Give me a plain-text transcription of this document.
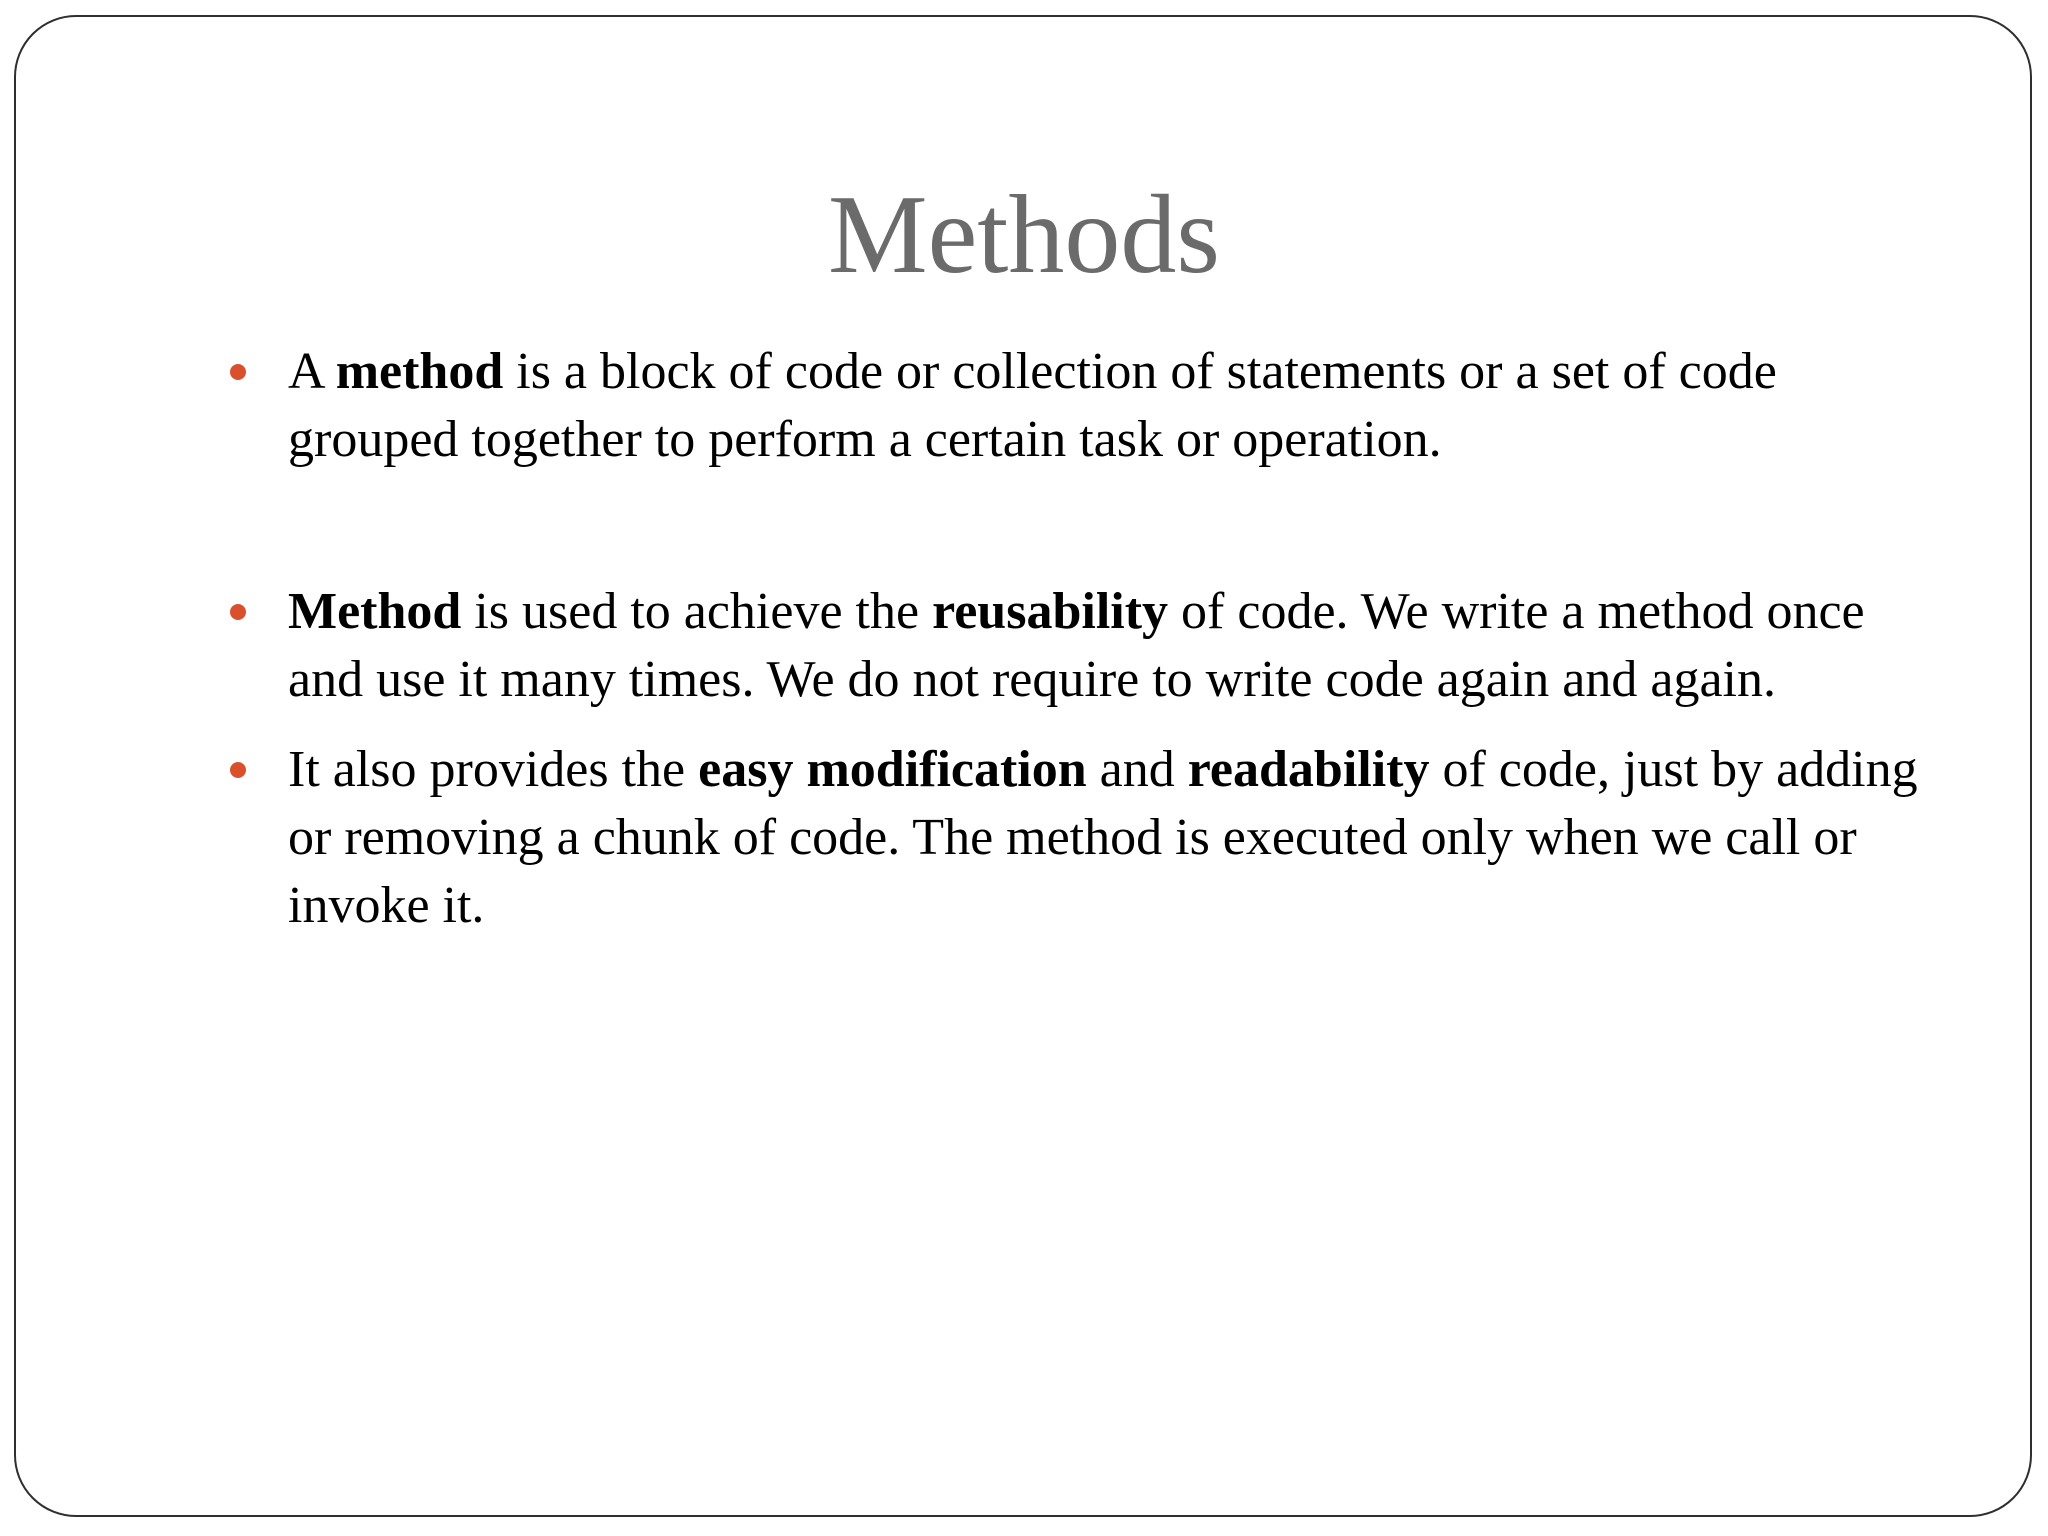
Methods
A method is a block of code or collection of statements or a set of code grouped together to perform a certain task or operation.
Method is used to achieve the reusability of code. We write a method once and use it many times. We do not require to write code again and again.
It also provides the easy modification and readability of code, just by adding or removing a chunk of code. The method is executed only when we call or invoke it.
